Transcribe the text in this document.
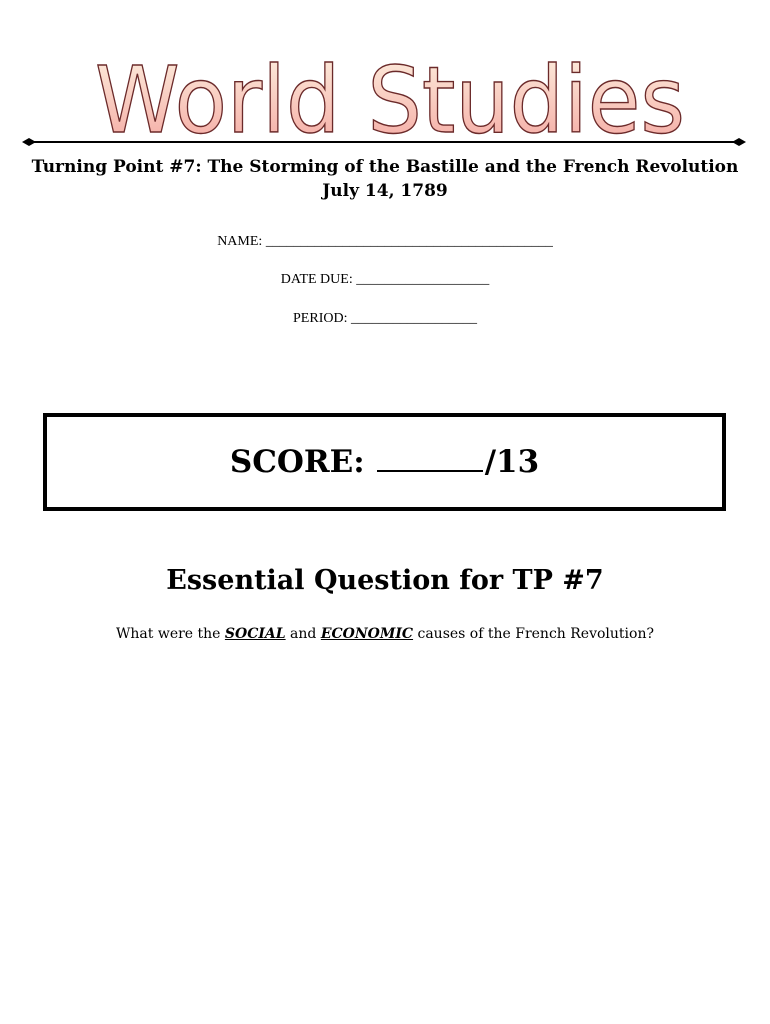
World Studies
Turning Point #7: The Storming of the Bastille and the French Revolution
July 14, 1789
NAME: _________________________________________
DATE DUE: ___________________
PERIOD: __________________
SCORE:	/13
Essential Question for TP #7
What were the SOCIAL and ECONOMIC causes of the French Revolution?
